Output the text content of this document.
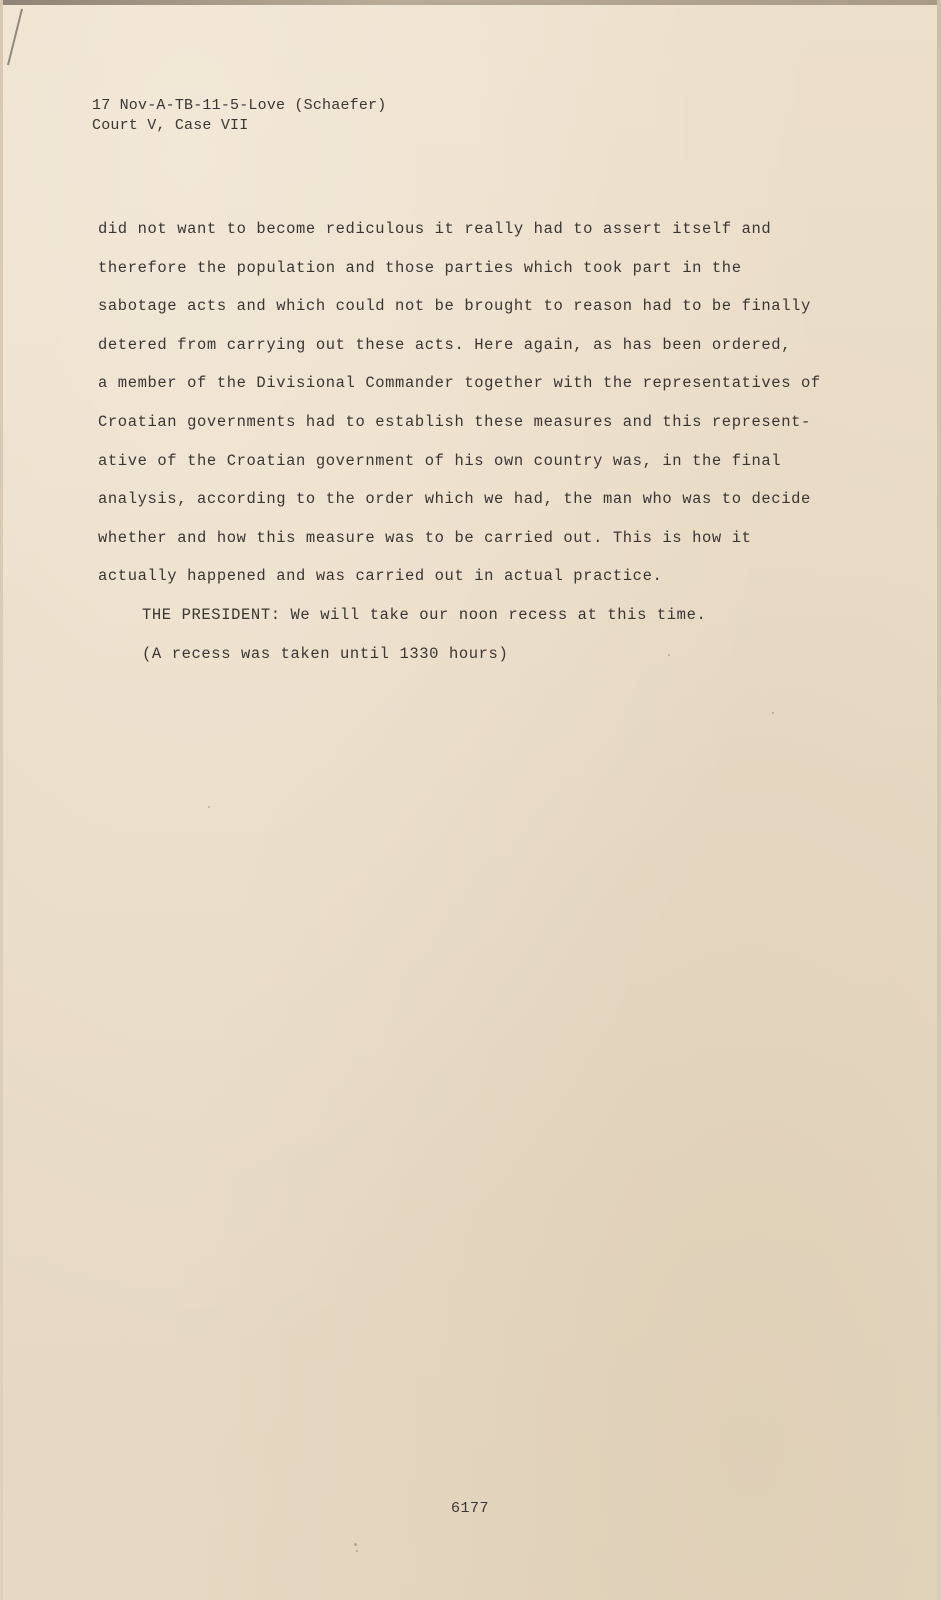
17 Nov-A-TB-11-5-Love (Schaefer)
Court V, Case VII
did not want to become rediculous it really had to assert itself and
therefore the population and those parties which took part in the
sabotage acts and which could not be brought to reason had to be finally
detered from carrying out these acts. Here again, as has been ordered,
a member of the Divisional Commander together with the representatives of
Croatian governments had to establish these measures and this represent-
ative of the Croatian government of his own country was, in the final
analysis, according to the order which we had, the man who was to decide
whether and how this measure was to be carried out. This is how it
actually happened and was carried out in actual practice.
THE PRESIDENT: We will take our noon recess at this time.
(A recess was taken until 1330 hours)
6177
